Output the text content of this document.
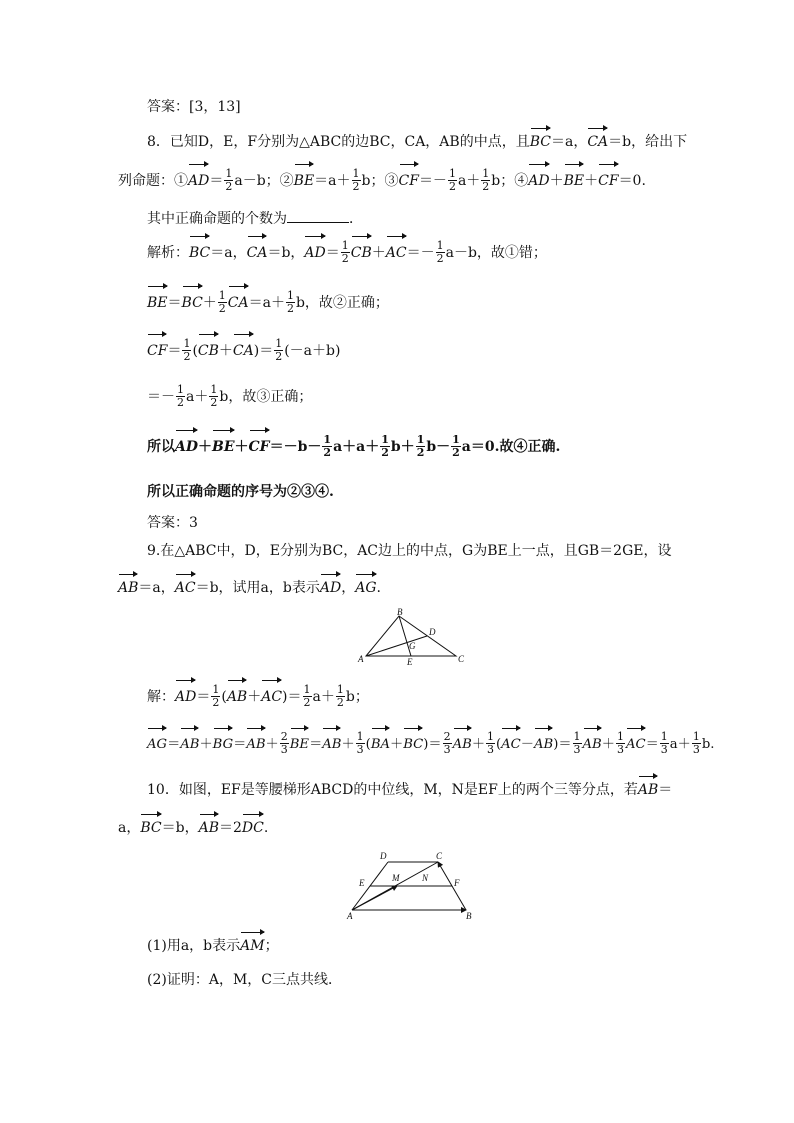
答案：[3，13]
8．已知D，E，F分别为△ABC的边BC，CA，AB的中点，且BC＝a，CA＝b，给出下
列命题：①AD＝ $\frac{1}{2} a-b$；②BE＝a＋ $\frac{1}{2}$ b；③CF＝－ $\frac{1}{2} a+ \frac{1}{2}$ b；④AD＋BE＋CF＝0.
其中正确命题的个数为	．
解析：BC＝a，CA＝b，$AD= \frac{1}{2} CB+AC=- \frac{1}{2} a-b$，故①错；
$BE=BC+ \frac{1}{2} CA=a+ \frac{1}{2}$ b，故②正确；
$CF= \frac{1}{2} (CB+CA)= \frac{1}{2} (-a+b)$
＝－ $\frac{1}{2} a+ \frac{1}{2}$ b，故③正确；
所以$AD+BE+CF=-b- \frac{1}{2} a+a+ \frac{1}{2} b+ \frac{1}{2} b- \frac{1}{2} a=0$.故④正确.
所以正确命题的序号为②③④.
答案：3
9.在△ABC中，D，E分别为BC，AC边上的中点，G为BE上一点，且GB＝2GE，设
AB＝a，AC＝b，试用a，b表示AD，AG.
B
D
G
A	E	C
解：$AD= \frac{1}{2} (AB+AC)= \frac{1}{2} a+ \frac{1}{2}$ b；
$AG=AB+BG=AB+ \frac{2}{3} BE=AB+ \frac{1}{3} (BA+BC)= \frac{2}{3} AB+ \frac{1}{3} (AC-AB)= \frac{1}{3} AB+ \frac{1}{3} AC= \frac{1}{3} a+ \frac{1}{3} b$.
10．如图，EF是等腰梯形ABCD的中位线，M，N是EF上的两个三等分点，若AB＝
a，BC＝b，AB＝2DC.
D	C
E	M	N	F
A	B
(1)用a，b表示AM；
(2)证明：A，M，C三点共线．
